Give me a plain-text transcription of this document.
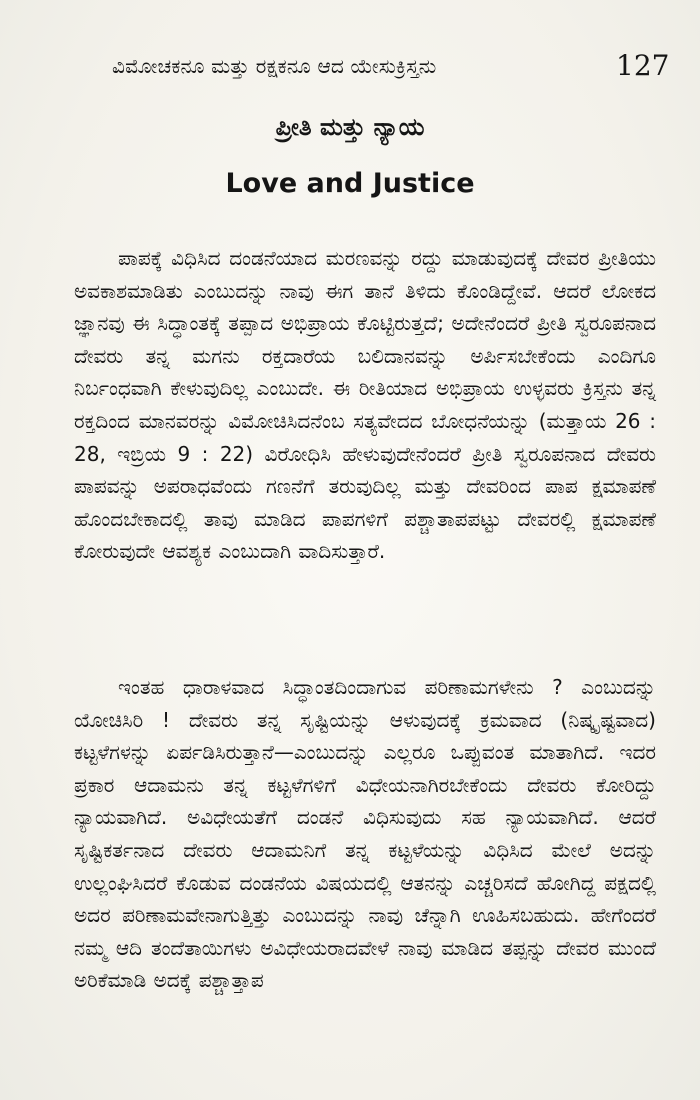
ವಿಮೋಚಕನೂ ಮತ್ತು ರಕ್ಷಕನೂ ಆದ ಯೇಸುಕ್ರಿಸ್ತನು	127
ಪ್ರೀತಿ ಮತ್ತು ನ್ಯಾಯ
Love and Justice

ಪಾಪಕ್ಕೆ ವಿಧಿಸಿದ ದಂಡನೆಯಾದ ಮರಣವನ್ನು ರದ್ದು ಮಾಡುವುದಕ್ಕೆ ದೇವರ ಪ್ರೀತಿಯು ಅವಕಾಶಮಾಡಿತು ಎಂಬುದನ್ನು ನಾವು ಈಗ ತಾನೆ ತಿಳಿದು ಕೊಂಡಿದ್ದೇವೆ. ಆದರೆ ಲೋಕದ ಜ್ಞಾನವು ಈ ಸಿದ್ಧಾಂತಕ್ಕೆ ತಪ್ಪಾದ ಅಭಿಪ್ರಾಯ ಕೊಟ್ಟಿರುತ್ತದೆ; ಅದೇನೆಂದರೆ ಪ್ರೀತಿ ಸ್ವರೂಪನಾದ ದೇವರು ತನ್ನ ಮಗನು ರಕ್ತದಾರೆಯ ಬಲಿದಾನವನ್ನು ಅರ್ಪಿಸಬೇಕೆಂದು ಎಂದಿಗೂ ನಿರ್ಬಂಧವಾಗಿ ಕೇಳುವುದಿಲ್ಲ ಎಂಬುದೇ. ಈ ರೀತಿಯಾದ ಅಭಿಪ್ರಾಯ ಉಳ್ಳವರು ಕ್ರಿಸ್ತನು ತನ್ನ ರಕ್ತದಿಂದ ಮಾನವರನ್ನು ವಿಮೋಚಿಸಿದನೆಂಬ ಸತ್ಯವೇದದ ಬೋಧನೆಯನ್ನು (ಮತ್ತಾಯ 26 : 28, ಇಬ್ರಿಯ 9 : 22) ವಿರೋಧಿಸಿ ಹೇಳುವುದೇನೆಂದರೆ ಪ್ರೀತಿ ಸ್ವರೂಪನಾದ ದೇವರು ಪಾಪವನ್ನು ಅಪರಾಧವೆಂದು ಗಣನೆಗೆ ತರುವುದಿಲ್ಲ ಮತ್ತು ದೇವರಿಂದ ಪಾಪ ಕ್ಷಮಾಪಣೆ ಹೊಂದಬೇಕಾದಲ್ಲಿ ತಾವು ಮಾಡಿದ ಪಾಪಗಳಿಗೆ ಪಶ್ಚಾತಾಪಪಟ್ಟು ದೇವರಲ್ಲಿ ಕ್ಷಮಾಪಣೆ ಕೋರುವುದೇ ಆವಶ್ಯಕ ಎಂಬುದಾಗಿ ವಾದಿಸುತ್ತಾರೆ.

ಇಂತಹ ಧಾರಾಳವಾದ ಸಿದ್ಧಾಂತದಿಂದಾಗುವ ಪರಿಣಾಮಗಳೇನು ? ಎಂಬುದನ್ನು ಯೋಚಿಸಿರಿ ! ದೇವರು ತನ್ನ ಸೃಷ್ಟಿಯನ್ನು ಆಳುವುದಕ್ಕೆ ಕ್ರಮವಾದ (ನಿಷ್ಕೃಷ್ಟವಾದ) ಕಟ್ಟಳೆಗಳನ್ನು ಏರ್ಪಡಿಸಿರುತ್ತಾನೆ—ಎಂಬುದನ್ನು ಎಲ್ಲರೂ ಒಪ್ಪುವಂತ ಮಾತಾಗಿದೆ. ಇದರ ಪ್ರಕಾರ ಆದಾಮನು ತನ್ನ ಕಟ್ಟಳೆಗಳಿಗೆ ವಿಧೇಯನಾಗಿರಬೇಕೆಂದು ದೇವರು ಕೋರಿದ್ದು ನ್ಯಾಯವಾಗಿದೆ. ಅವಿಧೇಯತೆಗೆ ದಂಡನೆ ವಿಧಿಸುವುದು ಸಹ ನ್ಯಾಯವಾಗಿದೆ. ಆದರೆ ಸೃಷ್ಟಿಕರ್ತನಾದ ದೇವರು ಆದಾಮನಿಗೆ ತನ್ನ ಕಟ್ಟಳೆಯನ್ನು ವಿಧಿಸಿದ ಮೇಲೆ ಅದನ್ನು ಉಲ್ಲಂಘಿಸಿದರೆ ಕೊಡುವ ದಂಡನೆಯ ವಿಷಯದಲ್ಲಿ ಆತನನ್ನು ಎಚ್ಚರಿಸದೆ ಹೋಗಿದ್ದ ಪಕ್ಷದಲ್ಲಿ ಅದರ ಪರಿಣಾಮವೇನಾಗುತ್ತಿತ್ತು ಎಂಬುದನ್ನು ನಾವು ಚೆನ್ನಾಗಿ ಊಹಿಸಬಹುದು. ಹೇಗೆಂದರೆ ನಮ್ಮ ಆದಿ ತಂದೆತಾಯಿಗಳು ಅವಿಧೇಯರಾದವೇಳೆ ನಾವು ಮಾಡಿದ ತಪ್ಪನ್ನು ದೇವರ ಮುಂದೆ ಅರಿಕೆಮಾಡಿ ಅದಕ್ಕೆ ಪಶ್ಚಾತ್ತಾಪ
